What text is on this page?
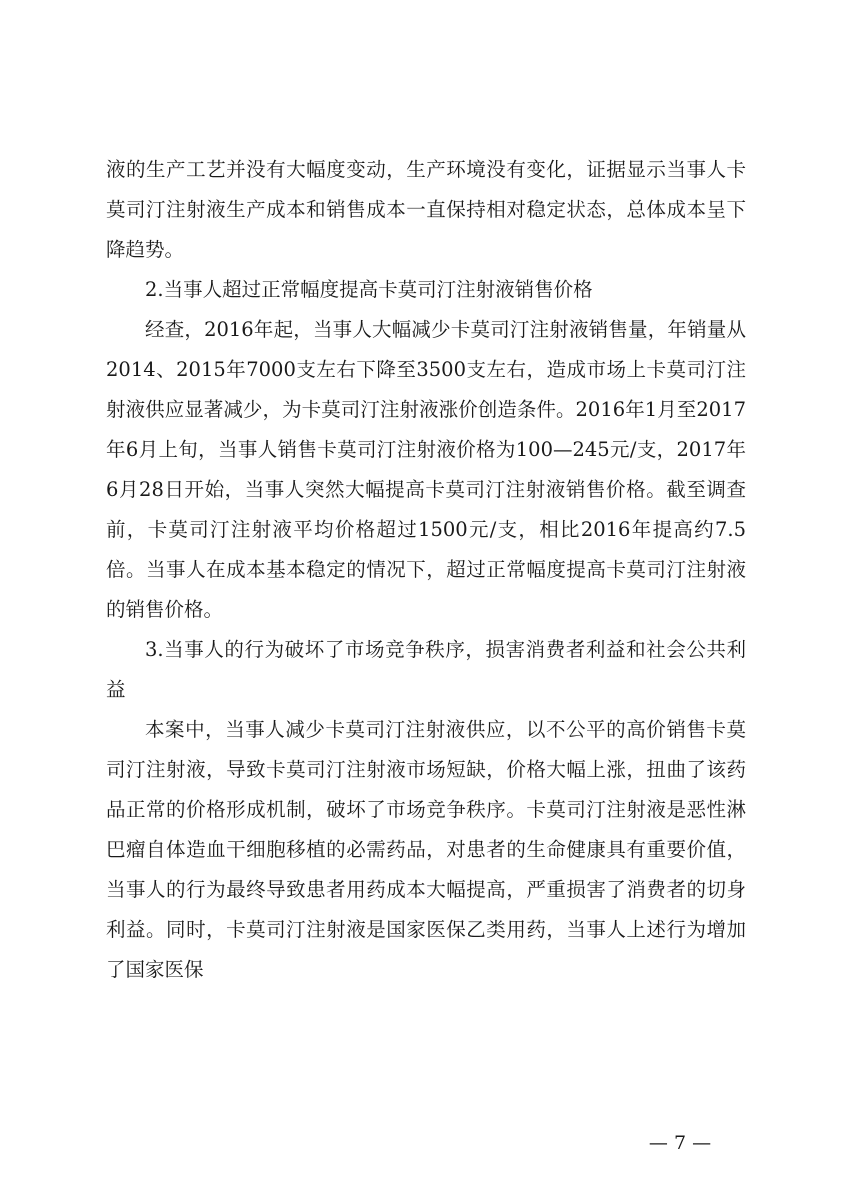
液的生产工艺并没有大幅度变动，生产环境没有变化，证据显示当事人卡莫司汀注射液生产成本和销售成本一直保持相对稳定状态，总体成本呈下降趋势。

2.当事人超过正常幅度提高卡莫司汀注射液销售价格

经查，2016年起，当事人大幅减少卡莫司汀注射液销售量，年销量从2014、2015年7000支左右下降至3500支左右，造成市场上卡莫司汀注射液供应显著减少，为卡莫司汀注射液涨价创造条件。2016年1月至2017年6月上旬，当事人销售卡莫司汀注射液价格为100—245元/支，2017年6月28日开始，当事人突然大幅提高卡莫司汀注射液销售价格。截至调查前，卡莫司汀注射液平均价格超过1500元/支，相比2016年提高约7.5倍。当事人在成本基本稳定的情况下，超过正常幅度提高卡莫司汀注射液的销售价格。

3.当事人的行为破坏了市场竞争秩序，损害消费者利益和社会公共利益

本案中，当事人减少卡莫司汀注射液供应，以不公平的高价销售卡莫司汀注射液，导致卡莫司汀注射液市场短缺，价格大幅上涨，扭曲了该药品正常的价格形成机制，破坏了市场竞争秩序。卡莫司汀注射液是恶性淋巴瘤自体造血干细胞移植的必需药品，对患者的生命健康具有重要价值，当事人的行为最终导致患者用药成本大幅提高，严重损害了消费者的切身利益。同时，卡莫司汀注射液是国家医保乙类用药，当事人上述行为增加了国家医保

— 7 —
